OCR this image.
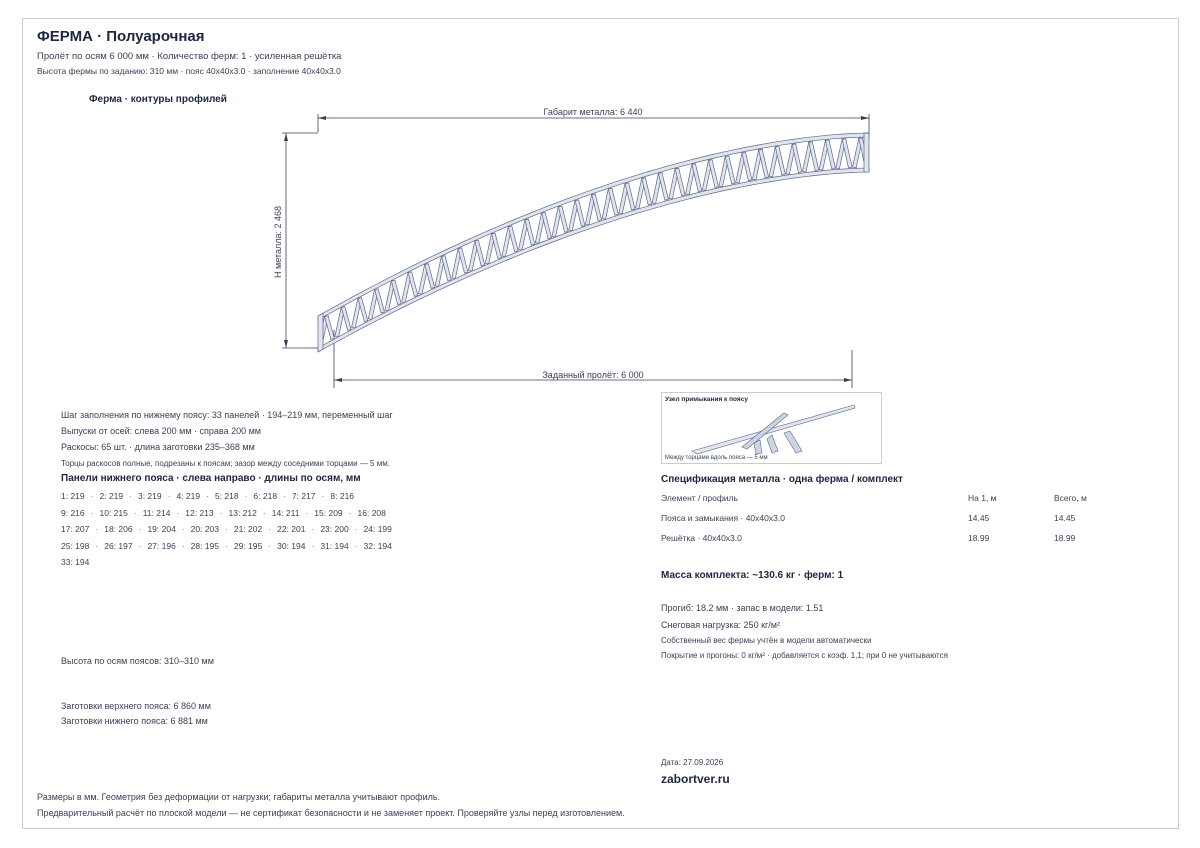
ФЕРМА · Полуарочная
Пролёт по осям 6 000 мм · Количество ферм: 1 · усиленная решётка
Высота фермы по заданию: 310 мм · пояс 40x40x3.0 · заполнение 40x40x3.0
Ферма · контуры профилей
Габарит металла: 6 440
Заданный пролёт: 6 000
H металла: 2 468
Узел примыкания к поясу
Между торцами вдоль пояса — 5 мм
Шаг заполнения по нижнему поясу: 33 панелей · 194–219 мм, переменный шаг
Выпуски от осей: слева 200 мм · справа 200 мм
Раскосы: 65 шт. · длина заготовки 235–368 мм
Торцы раскосов полные, подрезаны к поясам; зазор между соседними торцами — 5 мм.
Панели нижнего пояса · слева направо · длины по осям, мм
1: 219 · 2: 219 · 3: 219 · 4: 219 · 5: 218 · 6: 218 · 7: 217 · 8: 216
9: 216 · 10: 215 · 11: 214 · 12: 213 · 13: 212 · 14: 211 · 15: 209 · 16: 208
17: 207 · 18: 206 · 19: 204 · 20: 203 · 21: 202 · 22: 201 · 23: 200 · 24: 199
25: 198 · 26: 197 · 27: 196 · 28: 195 · 29: 195 · 30: 194 · 31: 194 · 32: 194
33: 194
Высота по осям поясов: 310–310 мм
Заготовки верхнего пояса: 6 860 мм
Заготовки нижнего пояса: 6 881 мм
Спецификация металла · одна ферма / комплект
Элемент / профиль	На 1, м	Всего, м
Пояса и замыкания · 40x40x3.0	14.45	14.45
Решётка · 40x40x3.0	18.99	18.99
Масса комплекта: ~130.6 кг · ферм: 1
Прогиб: 18.2 мм · запас в модели: 1.51
Снеговая нагрузка: 250 кг/м²
Собственный вес фермы учтён в модели автоматически
Покрытие и прогоны: 0 кг/м² · добавляется с коэф. 1,1; при 0 не учитываются
Дата: 27.09.2026
zabortver.ru
Размеры в мм. Геометрия без деформации от нагрузки; габариты металла учитывают профиль.
Предварительный расчёт по плоской модели — не сертификат безопасности и не заменяет проект. Проверяйте узлы перед изготовлением.
